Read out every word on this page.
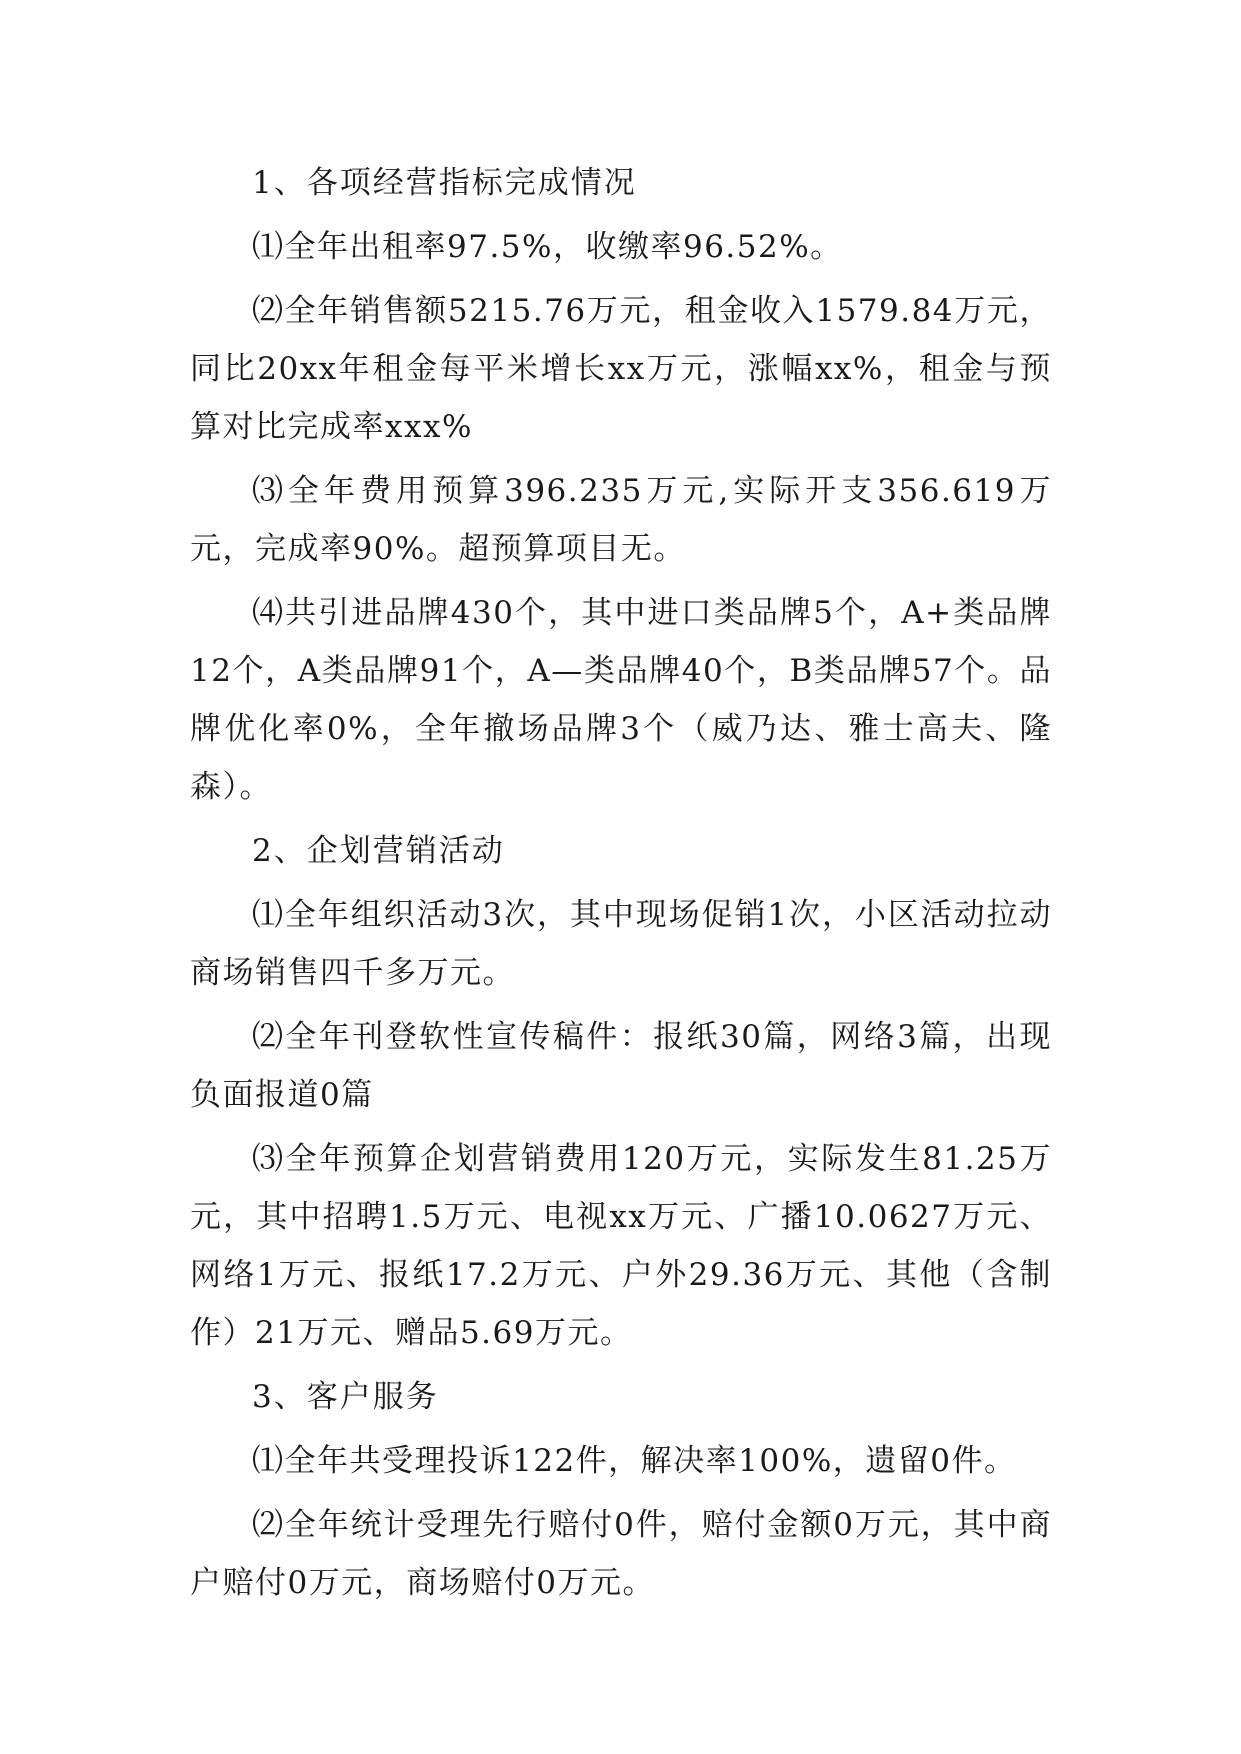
1、各项经营指标完成情况

⑴全年出租率97.5%，收缴率96.52%。

⑵全年销售额5215.76万元，租金收入1579.84万元，同比20xx年租金每平米增长xx万元，涨幅xx%，租金与预算对比完成率xxx%

⑶全年费用预算396.235万元,实际开支356.619万元，完成率90%。超预算项目无。

⑷共引进品牌430个，其中进口类品牌5个，A+类品牌12个，A类品牌91个，A—类品牌40个，B类品牌57个。品牌优化率0%，全年撤场品牌3个（威乃达、雅士高夫、隆森）。

2、企划营销活动

⑴全年组织活动3次，其中现场促销1次，小区活动拉动商场销售四千多万元。

⑵全年刊登软性宣传稿件：报纸30篇，网络3篇，出现负面报道0篇

⑶全年预算企划营销费用120万元，实际发生81.25万元，其中招聘1.5万元、电视xx万元、广播10.0627万元、网络1万元、报纸17.2万元、户外29.36万元、其他（含制作）21万元、赠品5.69万元。

3、客户服务

⑴全年共受理投诉122件，解决率100%，遗留0件。

⑵全年统计受理先行赔付0件，赔付金额0万元，其中商户赔付0万元，商场赔付0万元。
